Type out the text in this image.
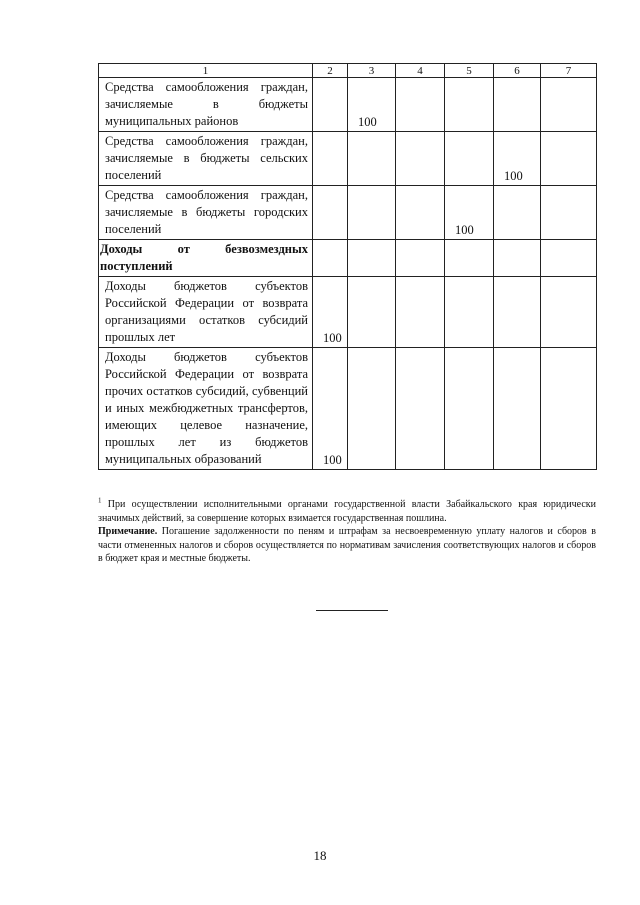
1	2	3	4	5	6	7
Средства самообложения граждан, зачисляемые в бюджеты муниципальных районов		100				
Средства самообложения граждан, зачисляемые в бюджеты сельских поселений					100	
Средства самообложения граждан, зачисляемые в бюджеты городских поселений				100		
Доходы от безвозмездных поступлений						
Доходы бюджетов субъектов Российской Федерации от возврата организациями остатков субсидий прошлых лет	100					
Доходы бюджетов субъектов Российской Федерации от возврата прочих остатков субсидий, субвенций и иных межбюджетных трансфертов, имеющих целевое назначение, прошлых лет из бюджетов муниципальных образований	100					

$^1$ При осуществлении исполнительными органами государственной власти Забайкальского края юридически значимых действий, за совершение которых взимается государственная пошлина.

Примечание. Погашение задолженности по пеням и штрафам за несвоевременную уплату налогов и сборов в части отмененных налогов и сборов осуществляется по нормативам зачисления соответствующих налогов и сборов в бюджет края и местные бюджеты.

18
